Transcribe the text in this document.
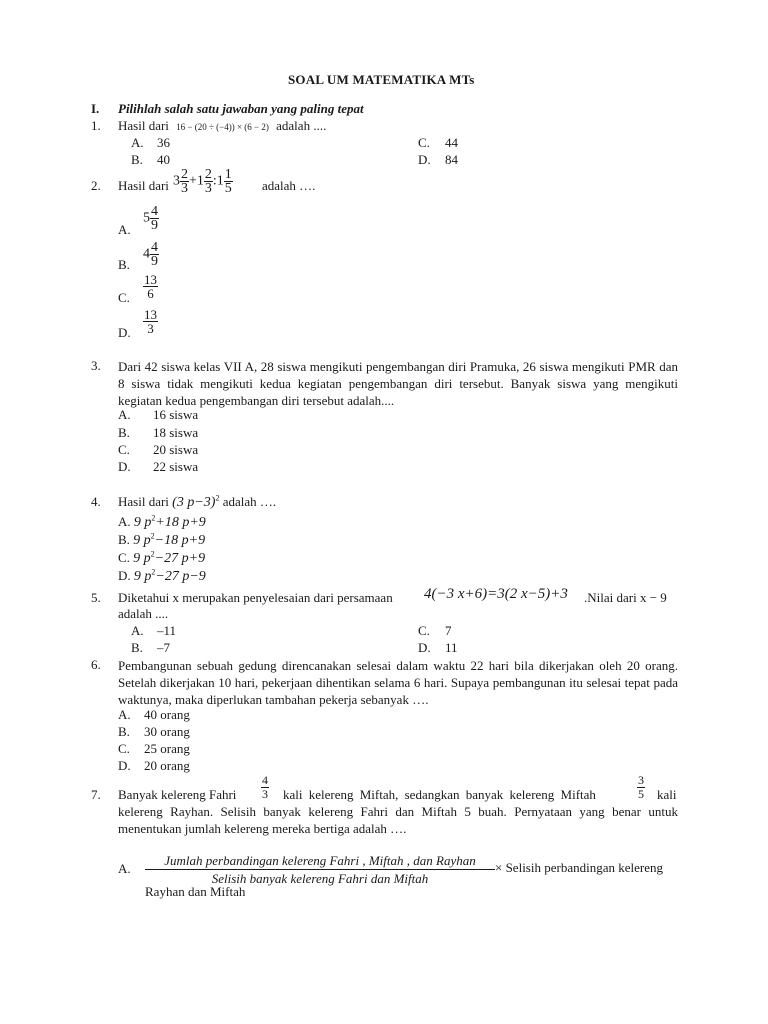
SOAL UM MATEMATIKA MTs
I. Pilihlah salah satu jawaban yang paling tepat
1. Hasil dari 16 − (20 ÷ (−4)) × (6 − 2) adalah ....
A. 36
B. 40
C. 44
D. 84
2. Hasil dari $3 \frac{2}{3} +1 \frac{2}{3}$ :1 $\frac{1}{5}$ adalah ….
A.
$5 \frac{4}{9}$
B.
$4 \frac{4}{9}$
C. $\frac{13}{6}$
D. $\frac{13}{3}$
3. Dari 42 siswa kelas VII A, 28 siswa mengikuti pengembangan diri Pramuka, 26 siswa mengikuti PMR dan 8 siswa tidak mengikuti kedua kegiatan pengembangan diri tersebut. Banyak siswa yang mengikuti kegiatan kedua pengembangan diri tersebut adalah....
A. 16 siswa
B. 18 siswa
C. 20 siswa
D. 22 siswa
4. Hasil dari (3 p−3)$^2$ adalah ….
A. 9 $p^2+18$ p+9
B. 9 $p^2-18$ p+9
C. 9 $p^2-27$ p+9
D. 9 $p^2-27$ p−9
5. Diketahui x merupakan penyelesaian dari persamaan 4(−3 x+6)=3(2 x−5)+3 .Nilai dari x − 9
adalah ....
A. –11
B. –7
C. 7
D. 11
6. Pembangunan sebuah gedung direncanakan selesai dalam waktu 22 hari bila dikerjakan oleh 20 orang. Setelah dikerjakan 10 hari, pekerjaan dihentikan selama 6 hari. Supaya pembangunan itu selesai tepat pada waktunya, maka diperlukan tambahan pekerja sebanyak ….
A. 40 orang
B. 30 orang
C. 25 orang
D. 20 orang
7. Banyak kelereng Fahri $\frac{4}{3}$ kali kelereng Miftah, sedangkan banyak kelereng Miftah	$\frac{3}{5}$ kali
kelereng Rayhan. Selisih banyak kelereng Fahri dan Miftah 5 buah. Pernyataan yang benar untuk menentukan jumlah kelereng mereka bertiga adalah ….
A.
Jumlah perbandingan kelereng Fahri , Miftah , dan Rayhan
Selisih banyak kelereng Fahri dan Miftah
× Selisih perbandingan kelereng
Rayhan dan Miftah
